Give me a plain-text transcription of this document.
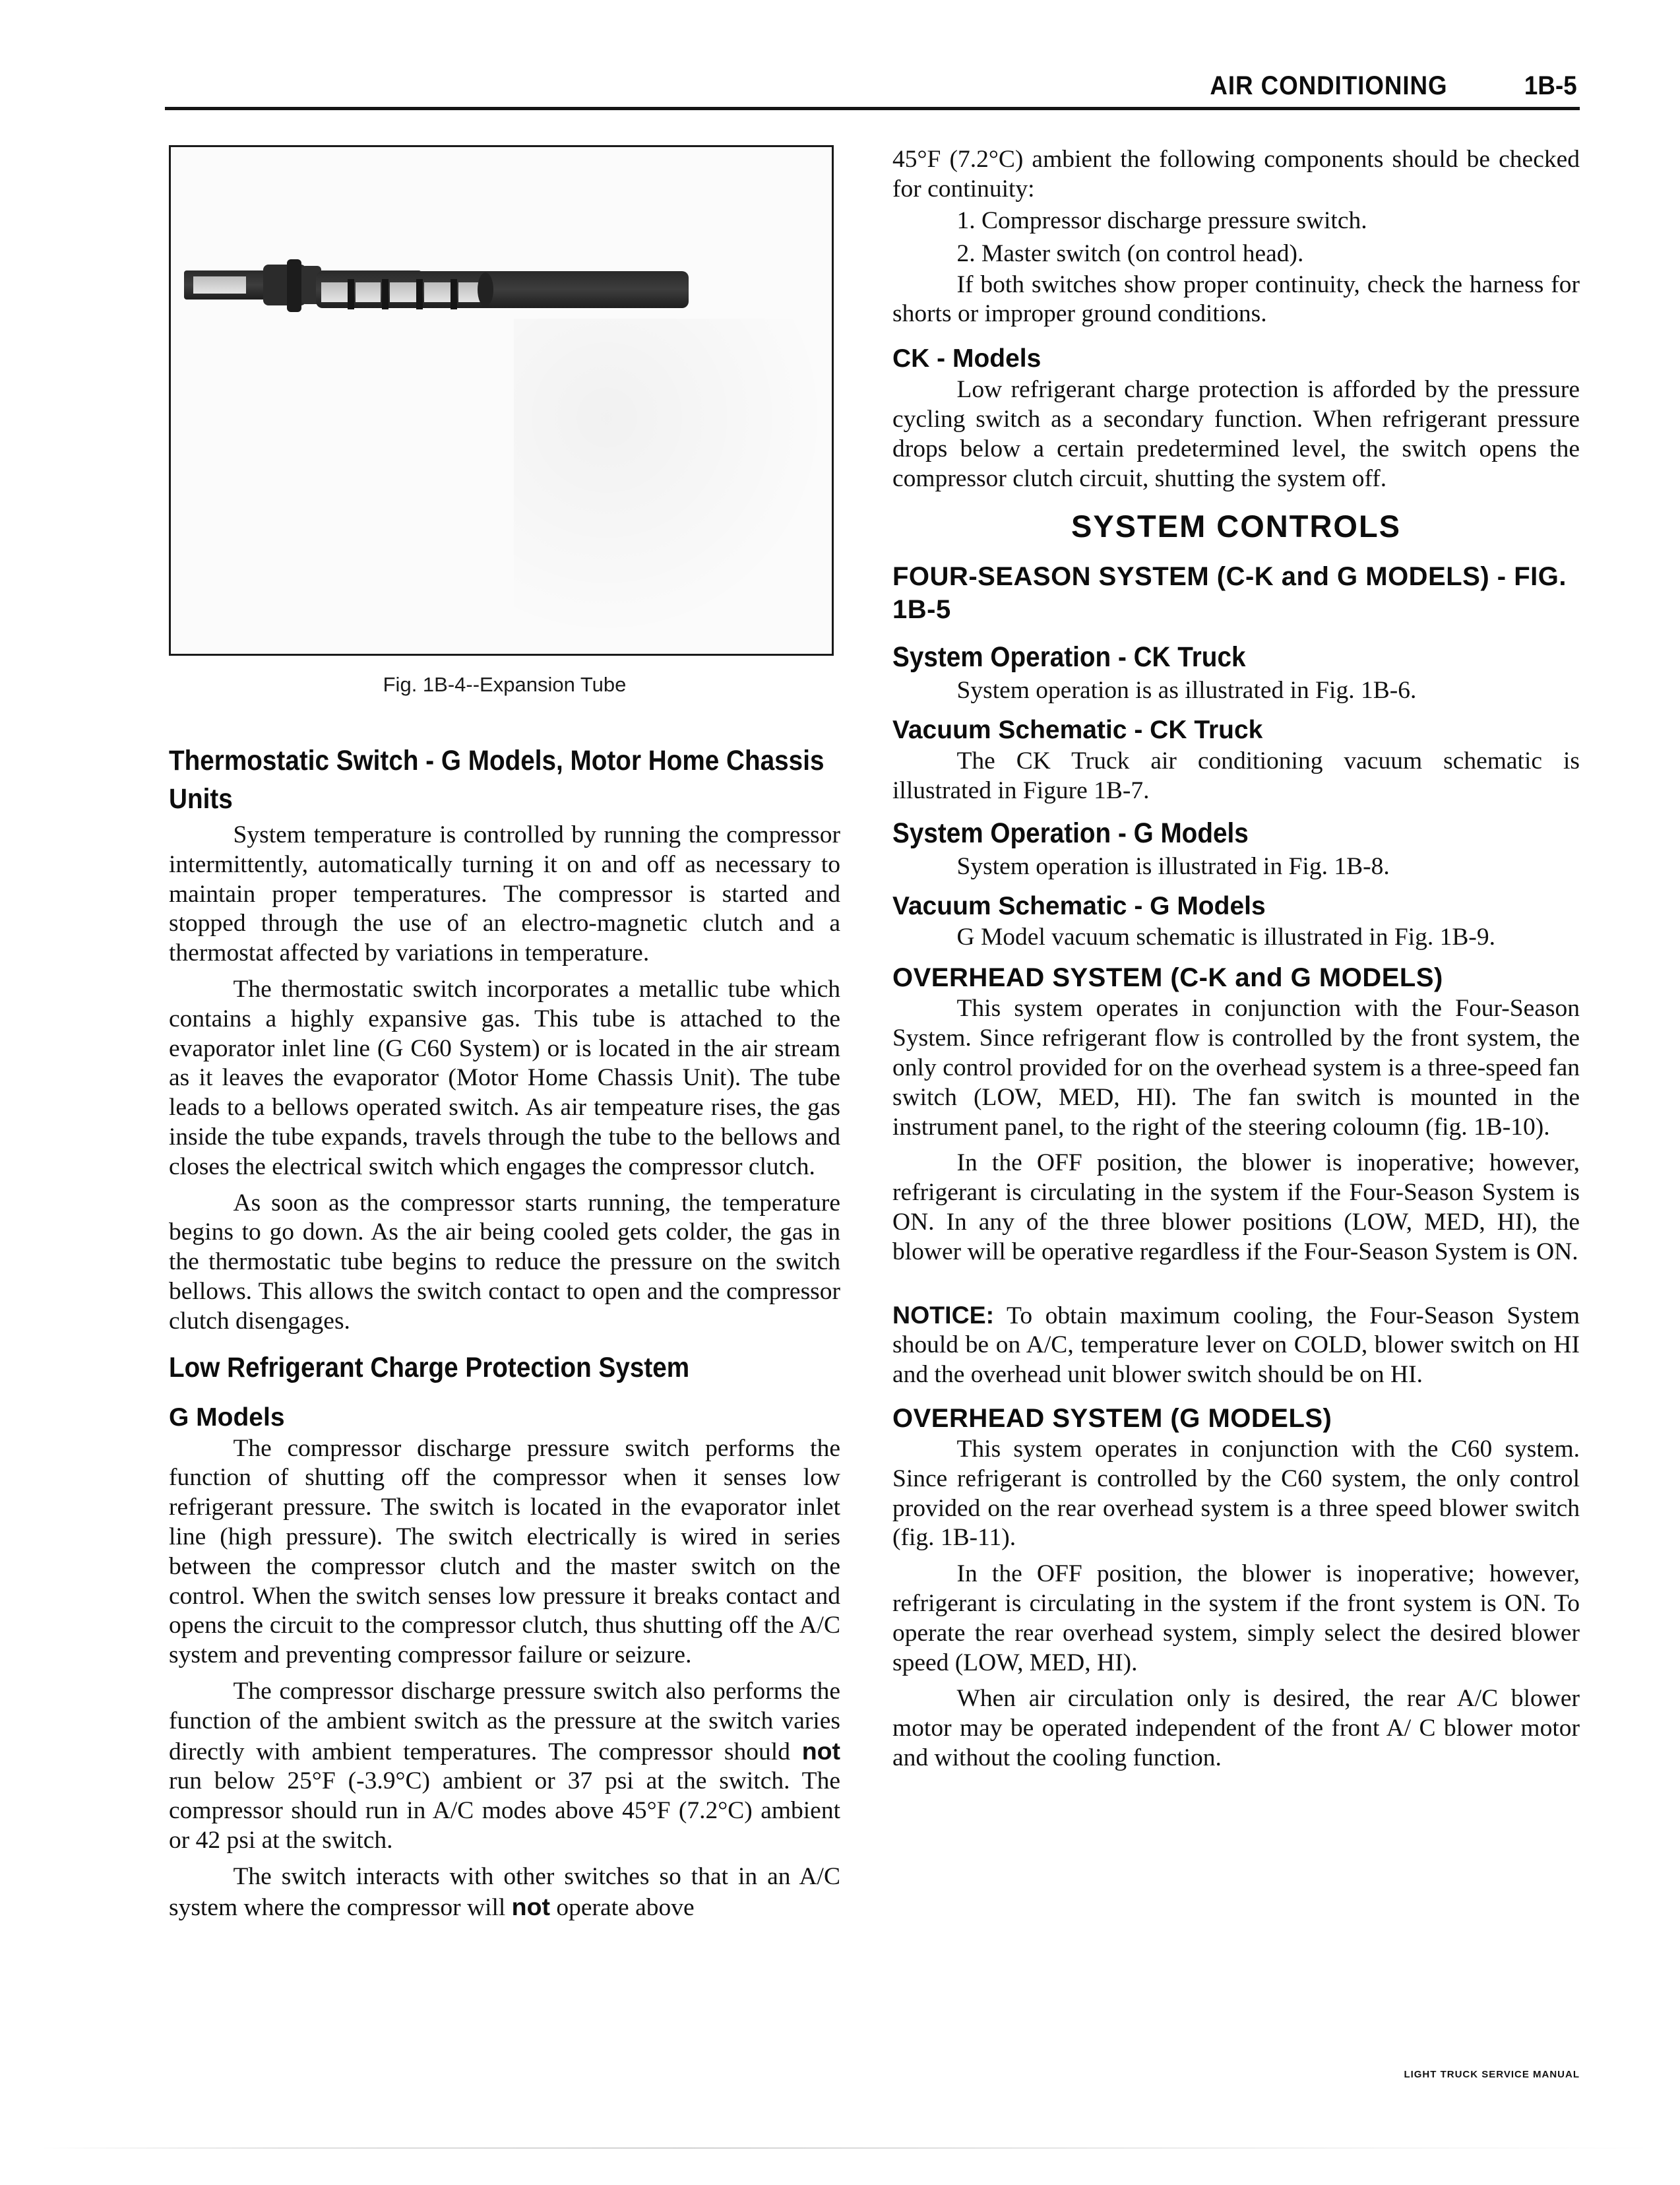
AIR CONDITIONING	1B-5
Fig. 1B-4--Expansion Tube
Thermostatic Switch - G Models, Motor Home Chassis Units

System temperature is controlled by running the compressor intermittently, automatically turning it on and off as necessary to maintain proper temperatures. The compressor is started and stopped through the use of an electro-magnetic clutch and a thermostat affected by variations in temperature.

The thermostatic switch incorporates a metallic tube which contains a highly expansive gas. This tube is attached to the evaporator inlet line (G C60 System) or is located in the air stream as it leaves the evaporator (Motor Home Chassis Unit). The tube leads to a bellows operated switch. As air tempeature rises, the gas inside the tube expands, travels through the tube to the bellows and closes the electrical switch which engages the compressor clutch.

As soon as the compressor starts running, the temperature begins to go down. As the air being cooled gets colder, the gas in the thermostatic tube begins to reduce the pressure on the switch bellows. This allows the switch contact to open and the compressor clutch disengages.

Low Refrigerant Charge Protection System
G Models

The compressor discharge pressure switch performs the function of shutting off the compressor when it senses low refrigerant pressure. The switch is located in the evaporator inlet line (high pressure). The switch electrically is wired in series between the compressor clutch and the master switch on the control. When the switch senses low pressure it breaks contact and opens the circuit to the compressor clutch, thus shutting off the A/C system and preventing compressor failure or seizure.

The compressor discharge pressure switch also performs the function of the ambient switch as the pressure at the switch varies directly with ambient temperatures. The compressor should not run below 25°F (-3.9°C) ambient or 37 psi at the switch. The compressor should run in A/C modes above 45°F (7.2°C) ambient or 42 psi at the switch.

The switch interacts with other switches so that in an A/C system where the compressor will not operate above

45°F (7.2°C) ambient the following components should be checked for continuity:

1. Compressor discharge pressure switch.
2. Master switch (on control head).

If both switches show proper continuity, check the harness for shorts or improper ground conditions.

CK - Models

Low refrigerant charge protection is afforded by the pressure cycling switch as a secondary function. When refrigerant pressure drops below a certain predetermined level, the switch opens the compressor clutch circuit, shutting the system off.

SYSTEM CONTROLS
FOUR-SEASON SYSTEM (C-K and G MODELS) - FIG. 1B-5
System Operation - CK Truck

System operation is as illustrated in Fig. 1B-6.

Vacuum Schematic - CK Truck

The CK Truck air conditioning vacuum schematic is illustrated in Figure 1B-7.

System Operation - G Models

System operation is illustrated in Fig. 1B-8.

Vacuum Schematic - G Models

G Model vacuum schematic is illustrated in Fig. 1B-9.

OVERHEAD SYSTEM (C-K and G MODELS)

This system operates in conjunction with the Four-Season System. Since refrigerant flow is controlled by the front system, the only control provided for on the overhead system is a three-speed fan switch (LOW, MED, HI). The fan switch is mounted in the instrument panel, to the right of the steering coloumn (fig. 1B-10).

In the OFF position, the blower is inoperative; however, refrigerant is circulating in the system if the Four-Season System is ON. In any of the three blower positions (LOW, MED, HI), the blower will be operative regardless if the Four-Season System is ON.

NOTICE: To obtain maximum cooling, the Four-Season System should be on A/C, temperature lever on COLD, blower switch on HI and the overhead unit blower switch should be on HI.

OVERHEAD SYSTEM (G MODELS)

This system operates in conjunction with the C60 system. Since refrigerant is controlled by the C60 system, the only control provided on the rear overhead system is a three speed blower switch (fig. 1B-11).

In the OFF position, the blower is inoperative; however, refrigerant is circulating in the system if the front system is ON. To operate the rear overhead system, simply select the desired blower speed (LOW, MED, HI).

When air circulation only is desired, the rear A/C blower motor may be operated independent of the front A/ C blower motor and without the cooling function.

LIGHT TRUCK SERVICE MANUAL
